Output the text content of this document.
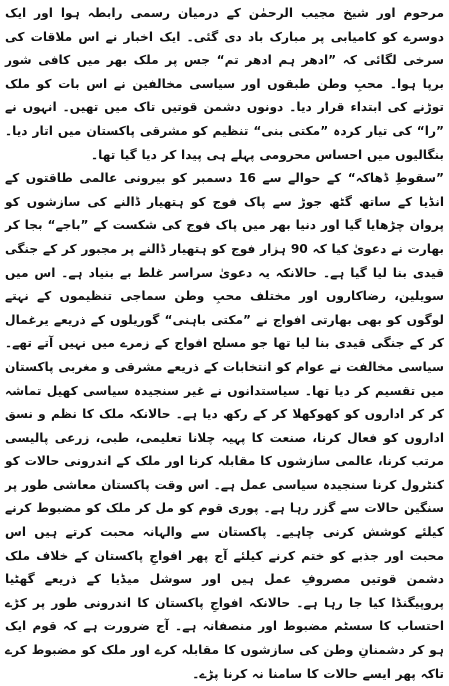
مرحوم اور شیخ مجیب الرحمٰن کے درمیان رسمی رابطہ ہوا اور ایک دوسرے کو کامیابی پر مبارک باد دی گئی۔ ایک اخبار نے اس ملاقات کی سرخی لگائی کہ ”ادھر ہم ادھر تم“ جس پر ملک بھر میں کافی شور برپا ہوا۔ محبِ وطن طبقوں اور سیاسی مخالفین نے اس بات کو ملک توڑنے کی ابتداء قرار دیا۔ دونوں دشمن قوتیں تاک میں تھیں۔ انہوں نے ”را“ کی تیار کردہ ”مکتی بنی“ تنظیم کو مشرقی پاکستان میں اتار دیا۔ بنگالیوں میں احساس محرومی پہلے ہی پیدا کر دیا گیا تھا۔

”سقوطِ ڈھاکہ“ کے حوالے سے 16 دسمبر کو بیرونی عالمی طاقتوں کے انڈیا کے ساتھ گٹھ جوڑ سے پاک فوج کو ہتھیار ڈالنے کی سازشوں کو پروان چڑھایا گیا اور دنیا بھر میں پاک فوج کی شکست کے ”باجے“ بجا کر بھارت نے دعویٰ کیا کہ 90 ہزار فوج کو ہتھیار ڈالنے پر مجبور کر کے جنگی قیدی بنا لیا گیا ہے۔ حالانکہ یہ دعویٰ سراسر غلط بے بنیاد ہے۔ اس میں سویلین، رضاکاروں اور مختلف محبِ وطن سماجی تنظیموں کے نہتے لوگوں کو بھی بھارتی افواج نے ”مکتی باہنی“ گوریلوں کے ذریعے یرغمال کر کے جنگی قیدی بنا لیا تھا جو مسلح افواج کے زمرے میں نہیں آتے تھے۔ سیاسی مخالفت نے عوام کو انتخابات کے ذریعے مشرقی و مغربی پاکستان میں تقسیم کر دیا تھا۔ سیاستدانوں نے غیر سنجیدہ سیاسی کھیل تماشہ کر کر اداروں کو کھوکھلا کر کے رکھ دیا ہے۔ حالانکہ ملک کا نظم و نسق اداروں کو فعال کرنا، صنعت کا پہیہ چلانا تعلیمی، طبی، زرعی پالیسی مرتب کرنا، عالمی سازشوں کا مقابلہ کرنا اور ملک کے اندرونی حالات کو کنٹرول کرنا سنجیدہ سیاسی عمل ہے۔ اس وقت پاکستان معاشی طور پر سنگین حالات سے گزر رہا ہے۔ پوری قوم کو مل کر ملک کو مضبوط کرنے کیلئے کوشش کرنی چاہیے۔ پاکستان سے والہانہ محبت کرتے ہیں اس محبت اور جذبے کو ختم کرنے کیلئے آج پھر افواجِ پاکستان کے خلاف ملک دشمن قوتیں مصروفِ عمل ہیں اور سوشل میڈیا کے ذریعے گھٹیا پروپیگنڈا کیا جا رہا ہے۔ حالانکہ افواجِ پاکستان کا اندرونی طور پر کڑے احتساب کا سسٹم مضبوط اور منصفانہ ہے۔ آج ضرورت ہے کہ قوم ایک ہو کر دشمنانِ وطن کی سازشوں کا مقابلہ کرے اور ملک کو مضبوط کرے تاکہ پھر ایسے حالات کا سامنا نہ کرنا پڑے۔
